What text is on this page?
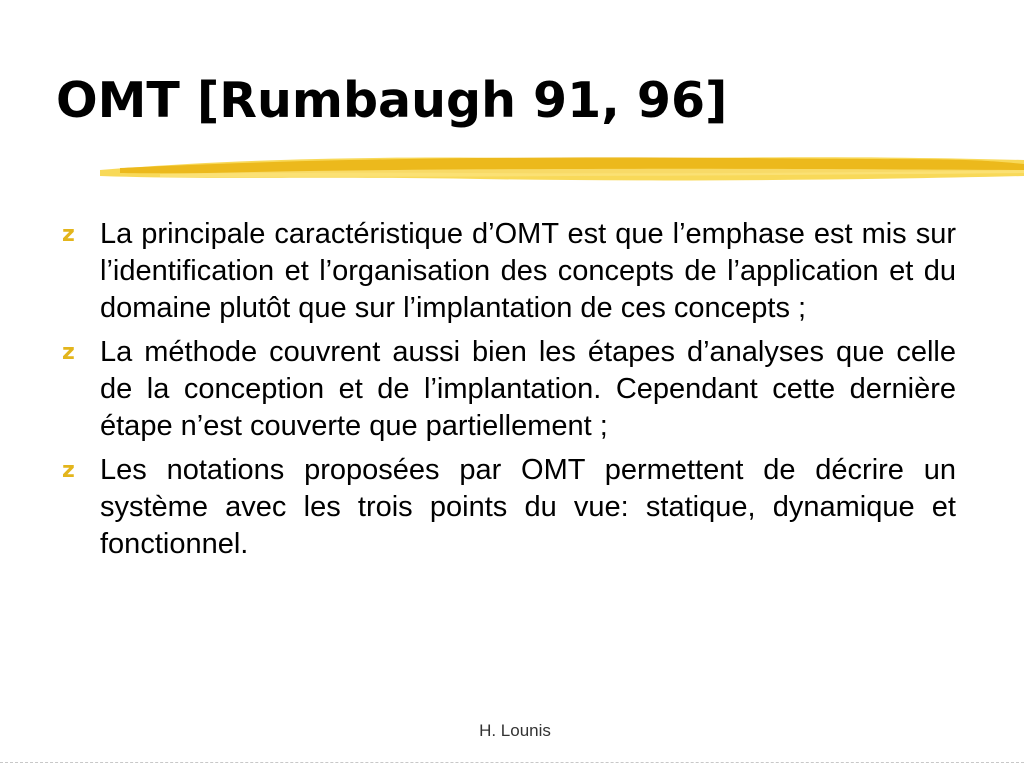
OMT [Rumbaugh 91, 96]
z La principale caractéristique d’OMT est que l’emphase est mis sur l’identification et l’organisation des concepts de l’application et du domaine plutôt que sur l’implantation de ces concepts ;
z La méthode couvrent aussi bien les étapes d’analyses que celle de la conception et de l’implantation. Cependant cette dernière étape n’est couverte que partiellement ;
z Les notations proposées par OMT permettent de décrire un système avec les trois points du vue: statique, dynamique et fonctionnel.
H. Lounis
